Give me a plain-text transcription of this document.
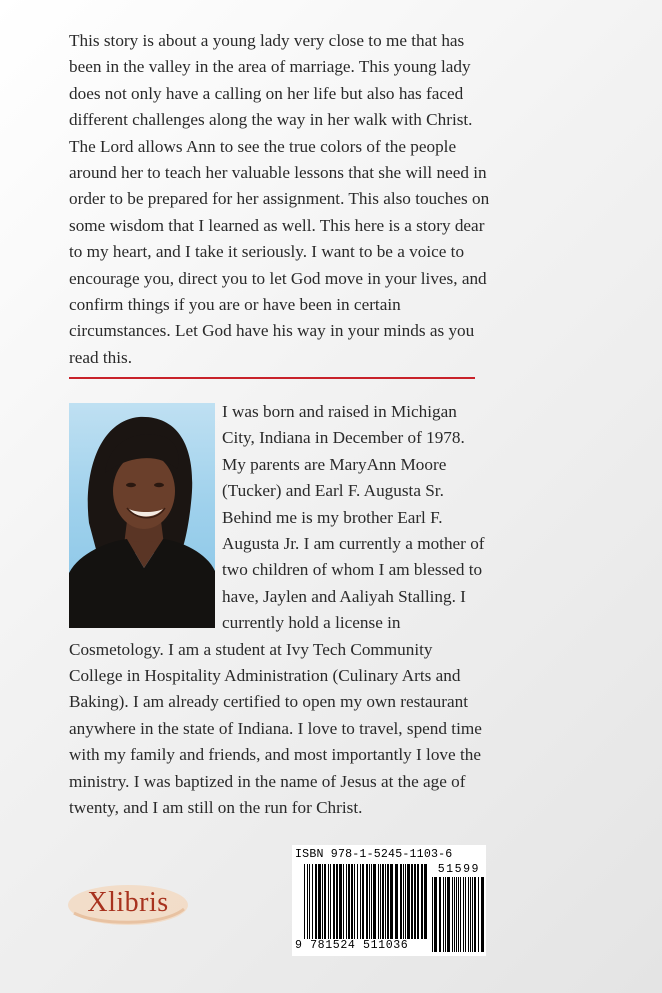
This story is about a young lady very close to me that has been in the valley in the area of marriage. This young lady does not only have a calling on her life but also has faced different challenges along the way in her walk with Christ. The Lord allows Ann to see the true colors of the people around her to teach her valuable lessons that she will need in order to be prepared for her assignment. This also touches on some wisdom that I learned as well. This here is a story dear to my heart, and I take it seriously. I want to be a voice to encourage you, direct you to let God move in your lives, and confirm things if you are or have been in certain circumstances. Let God have his way in your minds as you read this.

I was born and raised in Michigan City, Indiana in December of 1978. My parents are MaryAnn Moore (Tucker) and Earl F. Augusta Sr. Behind me is my brother Earl F. Augusta Jr. I am currently a mother of two children of whom I am blessed to have, Jaylen and Aaliyah Stalling. I currently hold a license in Cosmetology. I am a student at Ivy Tech Community College in Hospitality Administration (Culinary Arts and Baking). I am already certified to open my own restaurant anywhere in the state of Indiana. I love to travel, spend time with my family and friends, and most importantly I love the ministry. I was baptized in the name of Jesus at the age of twenty, and I am still on the run for Christ.

Xlibris
ISBN 978-1-5245-1103-6
51599
9 781524 511036
